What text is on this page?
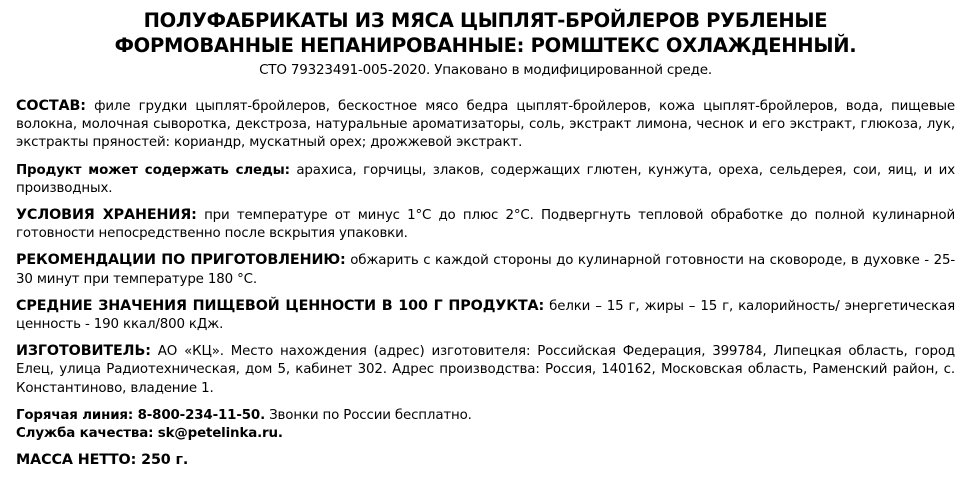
ПОЛУФАБРИКАТЫ ИЗ МЯСА ЦЫПЛЯТ-БРОЙЛЕРОВ РУБЛЕНЫЕ
ФОРМОВАННЫЕ НЕПАНИРОВАННЫЕ: РОМШТЕКС ОХЛАЖДЕННЫЙ.
СТО 79323491-005-2020. Упаковано в модифицированной среде.

СОСТАВ: филе грудки цыплят-бройлеров, бескостное мясо бедра цыплят-бройлеров, кожа цыплят-бройлеров, вода, пищевые волокна, молочная сыворотка, декстроза, натуральные ароматизаторы, соль, экстракт лимона, чеснок и его экстракт, глюкоза, лук, экстракты пряностей: кориандр, мускатный орех; дрожжевой экстракт.

Продукт может содержать следы: арахиса, горчицы, злаков, содержащих глютен, кунжута, ореха, сельдерея, сои, яиц, и их производных.

УСЛОВИЯ ХРАНЕНИЯ: при температуре от минус 1°С до плюс 2°С. Подвергнуть тепловой обработке до полной кулинарной готовности непосредственно после вскрытия упаковки.

РЕКОМЕНДАЦИИ ПО ПРИГОТОВЛЕНИЮ: обжарить с каждой стороны до кулинарной готовности на сковороде, в духовке - 25-30 минут при температуре 180 °С.

СРЕДНИЕ ЗНАЧЕНИЯ ПИЩЕВОЙ ЦЕННОСТИ В 100 Г ПРОДУКТА: белки – 15 г, жиры – 15 г, калорийность/ энергетическая ценность - 190 ккал/800 кДж.

ИЗГОТОВИТЕЛЬ: АО «КЦ». Место нахождения (адрес) изготовителя: Российская Федерация, 399784, Липецкая область, город Елец, улица Радиотехническая, дом 5, кабинет 302. Адрес производства: Россия, 140162, Московская область, Раменский район, с. Константиново, владение 1.

Горячая линия: 8-800-234-11-50. Звонки по России бесплатно.

Служба качества: sk@petelinka.ru.

МАССА НЕТТО: 250 г.
